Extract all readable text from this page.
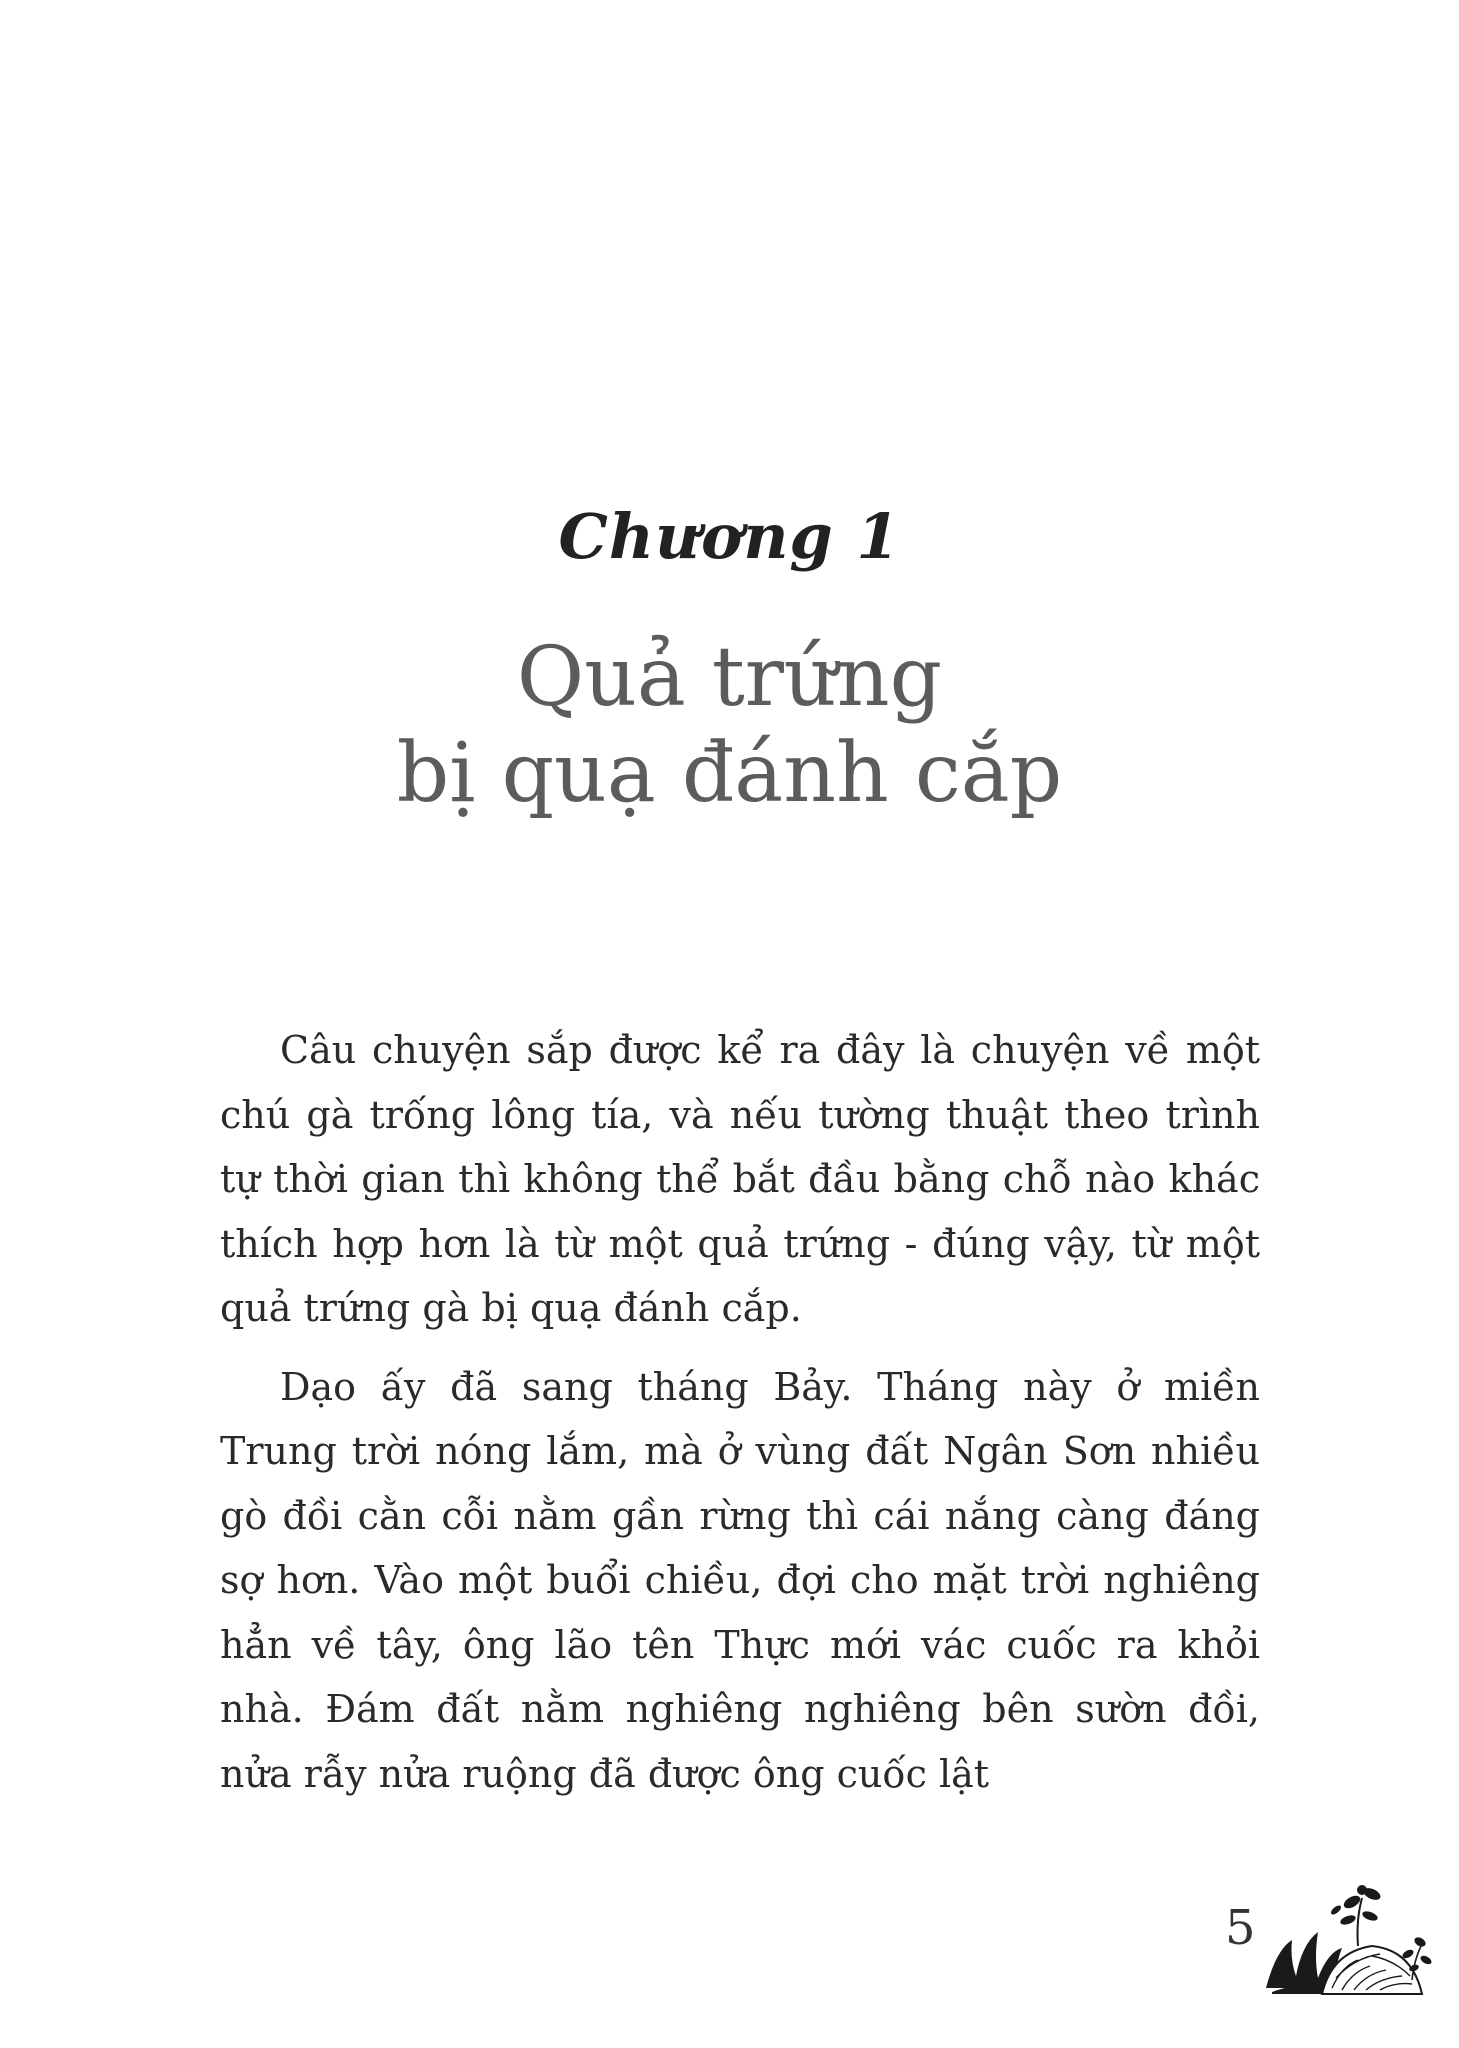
Chương 1
Quả trứng
bị quạ đánh cắp

Câu chuyện sắp được kể ra đây là chuyện về một chú gà trống lông tía, và nếu tường thuật theo trình tự thời gian thì không thể bắt đầu bằng chỗ nào khác thích hợp hơn là từ một quả trứng - đúng vậy, từ một quả trứng gà bị quạ đánh cắp.

Dạo ấy đã sang tháng Bảy. Tháng này ở miền Trung trời nóng lắm, mà ở vùng đất Ngân Sơn nhiều gò đồi cằn cỗi nằm gần rừng thì cái nắng càng đáng sợ hơn. Vào một buổi chiều, đợi cho mặt trời nghiêng hẳn về tây, ông lão tên Thực mới vác cuốc ra khỏi nhà. Đám đất nằm nghiêng nghiêng bên sườn đồi, nửa rẫy nửa ruộng đã được ông cuốc lật

5
